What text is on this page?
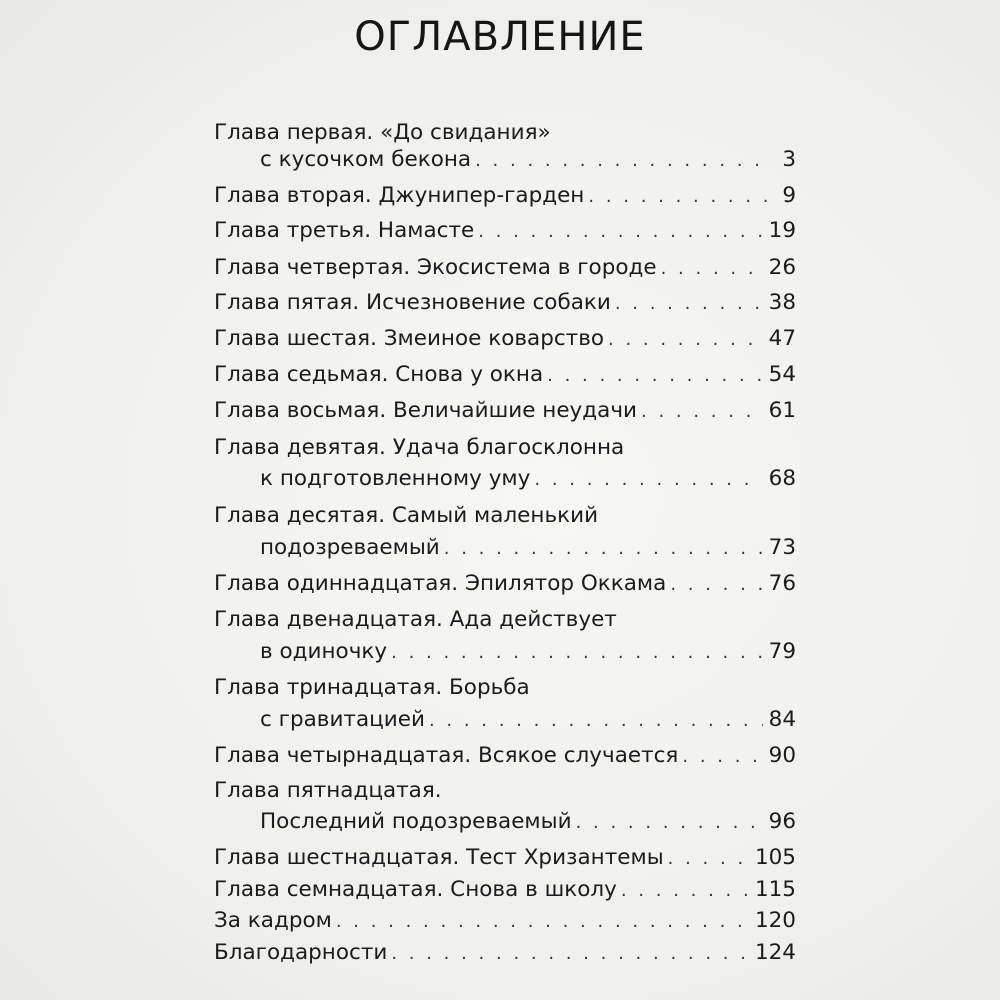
ОГЛАВЛЕНИЕ
Глава первая. «До свидания»
с кусочком бекона . . .	3
Глава вторая. Джунипер-гарден . . .	9
Глава третья. Намасте . . .	19
Глава четвертая. Экосистема в городе . . .	26
Глава пятая. Исчезновение собаки . . .	38
Глава шестая. Змеиное коварство . . .	47
Глава седьмая. Снова у окна . . .	54
Глава восьмая. Величайшие неудачи . . .	61
Глава девятая. Удача благосклонна
к подготовленному уму . . .	68
Глава десятая. Самый маленький
подозреваемый . . .	73
Глава одиннадцатая. Эпилятор Оккама . . .	76
Глава двенадцатая. Ада действует
в одиночку . . .	79
Глава тринадцатая. Борьба
с гравитацией . . .	84
Глава четырнадцатая. Всякое случается . . .	90
Глава пятнадцатая.
Последний подозреваемый . . .	96
Глава шестнадцатая. Тест Хризантемы . . .	105
Глава семнадцатая. Снова в школу . . .	115
За кадром . . .	120
Благодарности . . .	124
